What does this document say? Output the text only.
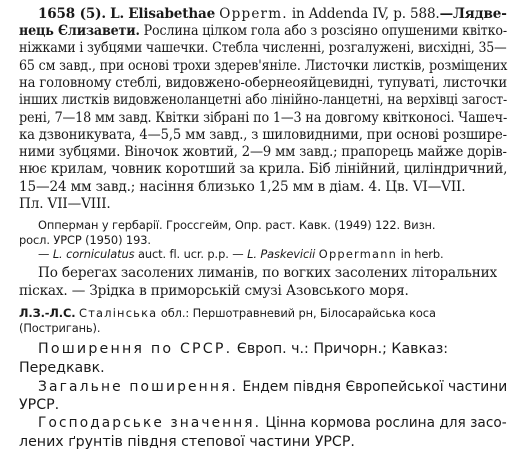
1658 (5). L. Elisabethae Opperm. in Addenda IV, p. 588.—Лядве-
нець Єлизавети. Рослина цілком гола або з розсіяно опушеними квітко-
ніжками і зубцями чашечки. Стебла численні, розгалужені, висхідні, 35—
65 см завд., при основі трохи здерев'яніле. Листочки листків, розміщених
на головному стеблі, видовжено-обернеояйцевидні, тупуваті, листочки
інших листків видовженоланцетні або лінійно-ланцетні, на верхівці загост-
рені, 7—18 мм завд. Квітки зібрані по 1—3 на довгому квітконосі. Чашеч-
ка дзвоникувата, 4—5,5 мм завд., з шиловидними, при основі розшире-
ними зубцями. Віночок жовтий, 2—9 мм завд.; прапорець майже дорів-
нює крилам, човник коротший за крила. Біб лінійний, циліндричний,
15—24 мм завд.; насіння близько 1,25 мм в діам. 4. Цв. VI—VII.
Пл. VII—VIII.
Опперман у гербарії. Гроссгейм, Опр. раст. Кавк. (1949) 122. Визн.
росл. УРСР (1950) 193.
— L. corniculatus auct. fl. ucr. p.p. — L. Paskevicii Oppermann in herb.
По берегах засолених лиманів, по вогких засолених літоральних
пісках. — Зрідка в приморській смузі Азовського моря.
Л.З.-Л.С. Сталінська обл.: Першотравневий рн, Білосарайська коса
(Постригань).
Поширення по СРСР. Європ. ч.: Причорн.; Кавказ:
Передкавк.
Загальне поширення. Ендем півдня Європейської частини
УРСР.
Господарське значення. Цінна кормова рослина для засо-
лених ґрунтів півдня степової частини УРСР.
